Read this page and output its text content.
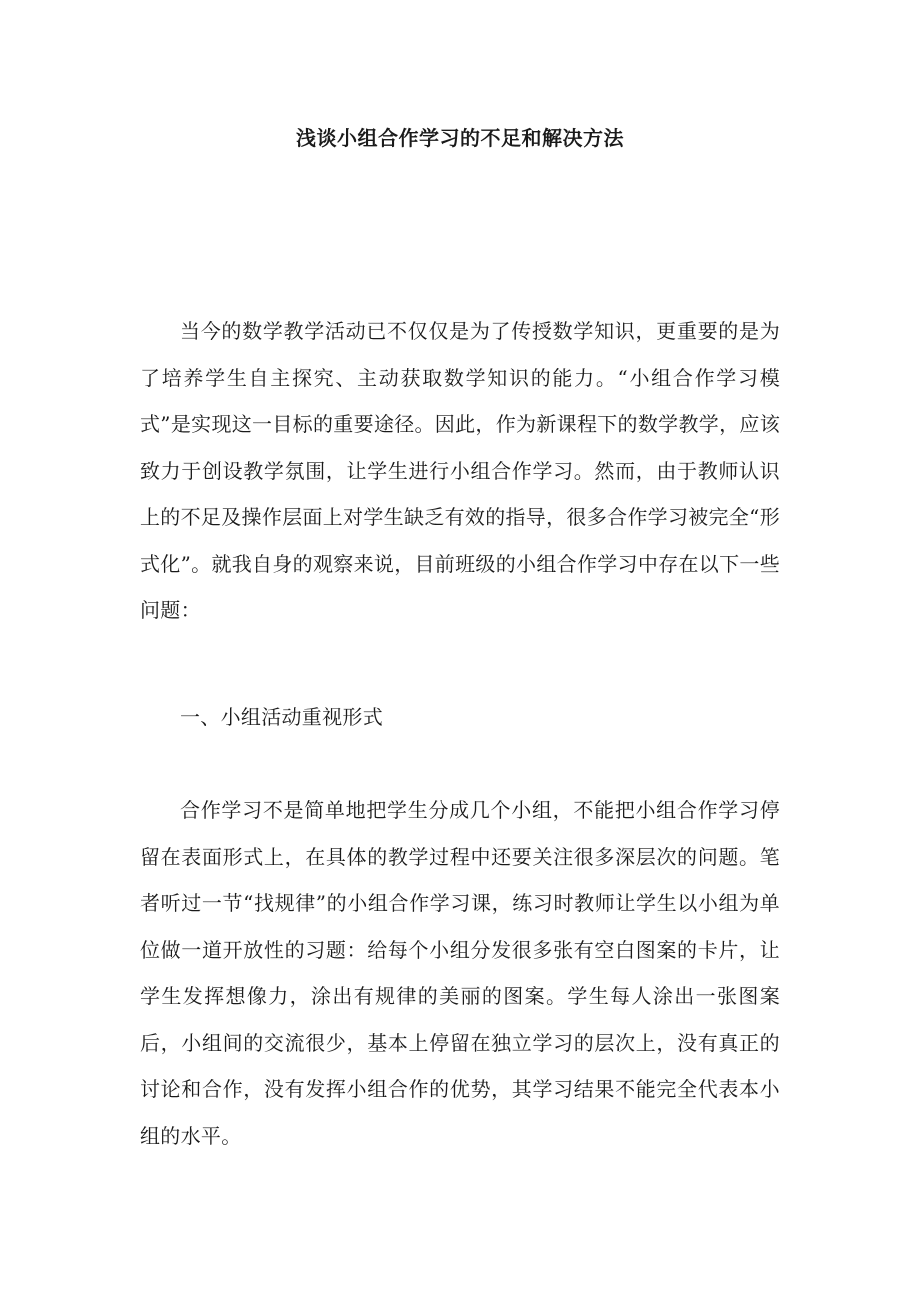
浅谈小组合作学习的不足和解决方法

当今的数学教学活动已不仅仅是为了传授数学知识，更重要的是为了培养学生自主探究、主动获取数学知识的能力。“小组合作学习模式”是实现这一目标的重要途径。因此，作为新课程下的数学教学，应该致力于创设教学氛围，让学生进行小组合作学习。然而，由于教师认识上的不足及操作层面上对学生缺乏有效的指导，很多合作学习被完全“形式化”。就我自身的观察来说，目前班级的小组合作学习中存在以下一些问题：

一、小组活动重视形式

合作学习不是简单地把学生分成几个小组，不能把小组合作学习停留在表面形式上，在具体的教学过程中还要关注很多深层次的问题。笔者听过一节“找规律”的小组合作学习课，练习时教师让学生以小组为单位做一道开放性的习题：给每个小组分发很多张有空白图案的卡片，让学生发挥想像力，涂出有规律的美丽的图案。学生每人涂出一张图案后，小组间的交流很少，基本上停留在独立学习的层次上，没有真正的讨论和合作，没有发挥小组合作的优势，其学习结果不能完全代表本小组的水平。
